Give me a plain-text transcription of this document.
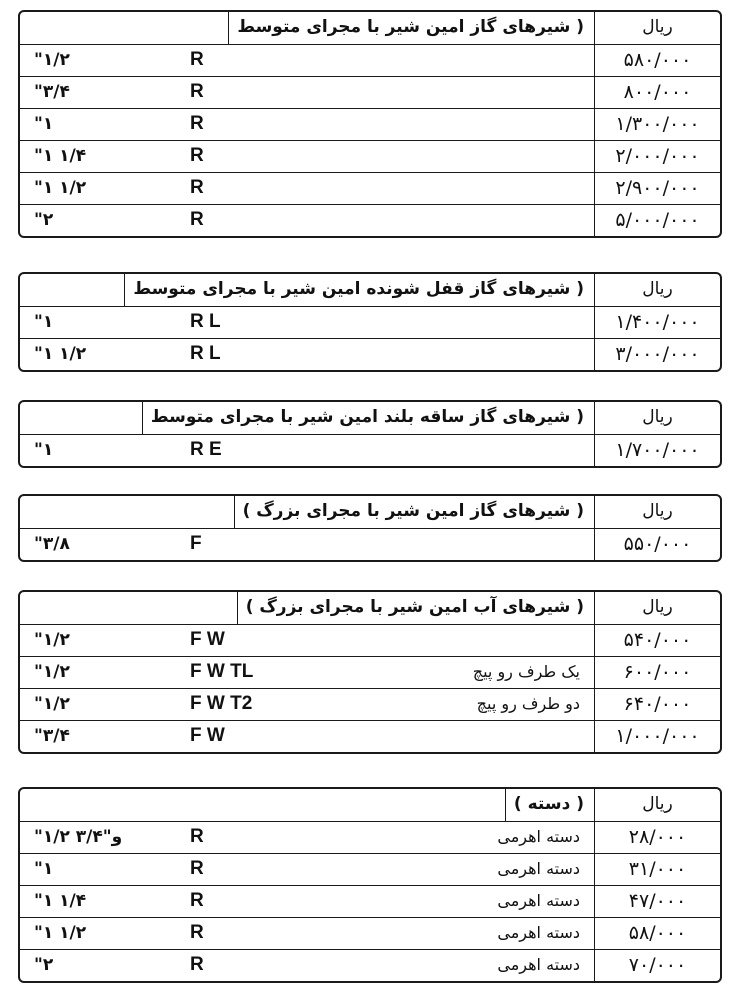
( شیرهای گاز امین شیر با مجرای متوسط	ریال
"۱/۲	R	۵۸۰/۰۰۰
"۳/۴	R	۸۰۰/۰۰۰
"۱	R	۱/۳۰۰/۰۰۰
"۱ ۱/۴	R	۲/۰۰۰/۰۰۰
"۱ ۱/۲	R	۲/۹۰۰/۰۰۰
"۲	R	۵/۰۰۰/۰۰۰
( شیرهای گاز قفل شونده امین شیر با مجرای متوسط	ریال
"۱	R L	۱/۴۰۰/۰۰۰
"۱ ۱/۲	R L	۳/۰۰۰/۰۰۰
( شیرهای گاز ساقه بلند امین شیر با مجرای متوسط	ریال
"۱	R E	۱/۷۰۰/۰۰۰
( شیرهای گاز امین شیر با مجرای بزرگ )	ریال
"۳/۸	F	۵۵۰/۰۰۰
( شیرهای آب امین شیر با مجرای بزرگ )	ریال
"۱/۲	F W	۵۴۰/۰۰۰
"۱/۲	F W TL	یک طرف رو پیچ	۶۰۰/۰۰۰
"۱/۲	F W T2	دو طرف رو پیچ	۶۴۰/۰۰۰
"۳/۴	F W	۱/۰۰۰/۰۰۰
( دسته )	ریال
"۱/۲ و"۳/۴	R	دسته اهرمی	۲۸/۰۰۰
"۱	R	دسته اهرمی	۳۱/۰۰۰
"۱ ۱/۴	R	دسته اهرمی	۴۷/۰۰۰
"۱ ۱/۲	R	دسته اهرمی	۵۸/۰۰۰
"۲	R	دسته اهرمی	۷۰/۰۰۰
